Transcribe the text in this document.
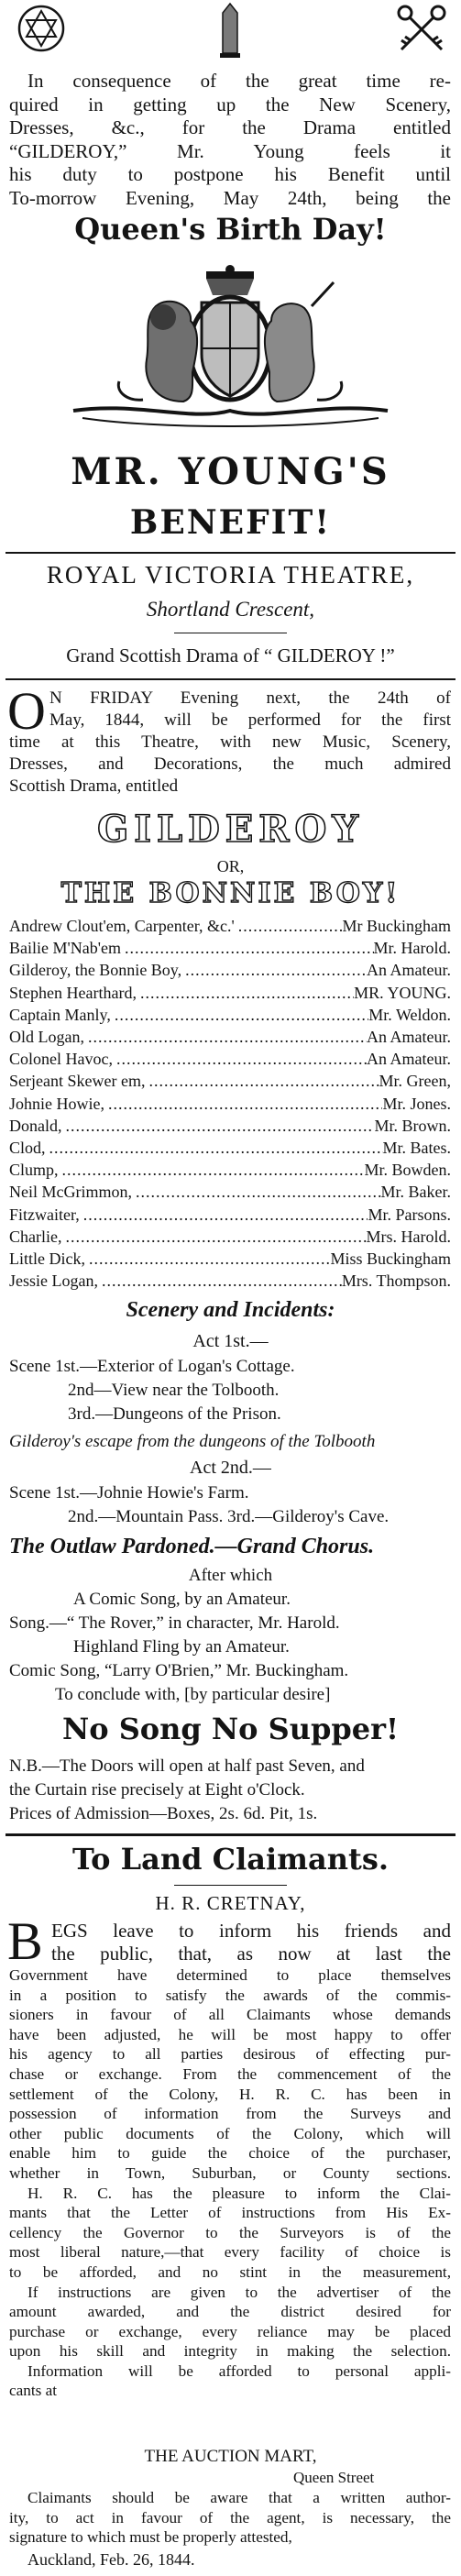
In consequence of the great time re-
quired in getting up the New Scenery,
Dresses, &c., for the Drama entitled
“GILDEROY,” Mr. Young feels it
his duty to postpone his Benefit until
To-morrow Evening, May 24th, being the
Queen's Birth Day!
MR. YOUNG'S
BENEFIT!
ROYAL VICTORIA THEATRE,
Shortland Crescent,
Grand Scottish Drama of “ GILDEROY !”
O N FRIDAY Evening next, the 24th of
May, 1844, will be performed for the first
time at this Theatre, with new Music, Scenery,
Dresses, and Decorations, the much admired
Scottish Drama, entitled
GILDEROY
OR,
THE BONNIE BOY!
Andrew Clout'em, Carpenter, &c.' .....	Mr Buckingham
Bailie M'Nab'em .....	Mr. Harold.
Gilderoy, the Bonnie Boy, .....	An Amateur.
Stephen Hearthard, .....	MR. YOUNG.
Captain Manly, .....	Mr. Weldon.
Old Logan, .....	An Amateur.
Colonel Havoc, .....	An Amateur.
Serjeant Skewer em, .....	Mr. Green,
Johnie Howie, .....	Mr. Jones.
Donald, .....	Mr. Brown.
Clod, .....	Mr. Bates.
Clump, .....	Mr. Bowden.
Neil McGrimmon, .....	Mr. Baker.
Fitzwaiter, .....	Mr. Parsons.
Charlie, .....	Mrs. Harold.
Little Dick, .....	Miss Buckingham
Jessie Logan, .....	Mrs. Thompson.
Scenery and Incidents:
Act 1st.—
Scene 1st.—Exterior of Logan's Cottage.
2nd—View near the Tolbooth.
3rd.—Dungeons of the Prison.
Gilderoy's escape from the dungeons of the Tolbooth
Act 2nd.—
Scene 1st.—Johnie Howie's Farm.
2nd.—Mountain Pass. 3rd.—Gilderoy's Cave.
The Outlaw Pardoned.—Grand Chorus.
After which
A Comic Song, by an Amateur.
Song.—“ The Rover,” in character, Mr. Harold.
Highland Fling by an Amateur.
Comic Song, “Larry O'Brien,” Mr. Buckingham.
To conclude with, [by particular desire]
No Song No Supper!
N.B.—The Doors will open at half past Seven, and
the Curtain rise precisely at Eight o'Clock.
Prices of Admission—Boxes, 2s. 6d. Pit, 1s.
To Land Claimants.
H. R. CRETNAY,
B EGS leave to inform his friends and
the public, that, as now at last the
Government have determined to place themselves
in a position to satisfy the awards of the commis-
sioners in favour of all Claimants whose demands
have been adjusted, he will be most happy to offer
his agency to all parties desirous of effecting pur-
chase or exchange. From the commencement of the
settlement of the Colony, H. R. C. has been in
possession of information from the Surveys and
other public documents of the Colony, which will
enable him to guide the choice of the purchaser,
whether in Town, Suburban, or County sections.
H. R. C. has the pleasure to inform the Clai-
mants that the Letter of instructions from His Ex-
cellency the Governor to the Surveyors is of the
most liberal nature,—that every facility of choice is
to be afforded, and no stint in the measurement,
If instructions are given to the advertiser of the
amount awarded, and the district desired for
purchase or exchange, every reliance may be placed
upon his skill and integrity in making the selection.
Information will be afforded to personal appli-
cants at
THE AUCTION MART,
Queen Street
Claimants should be aware that a written author-
ity, to act in favour of the agent, is necessary, the
signature to which must be properly attested,
Auckland, Feb. 26, 1844.
